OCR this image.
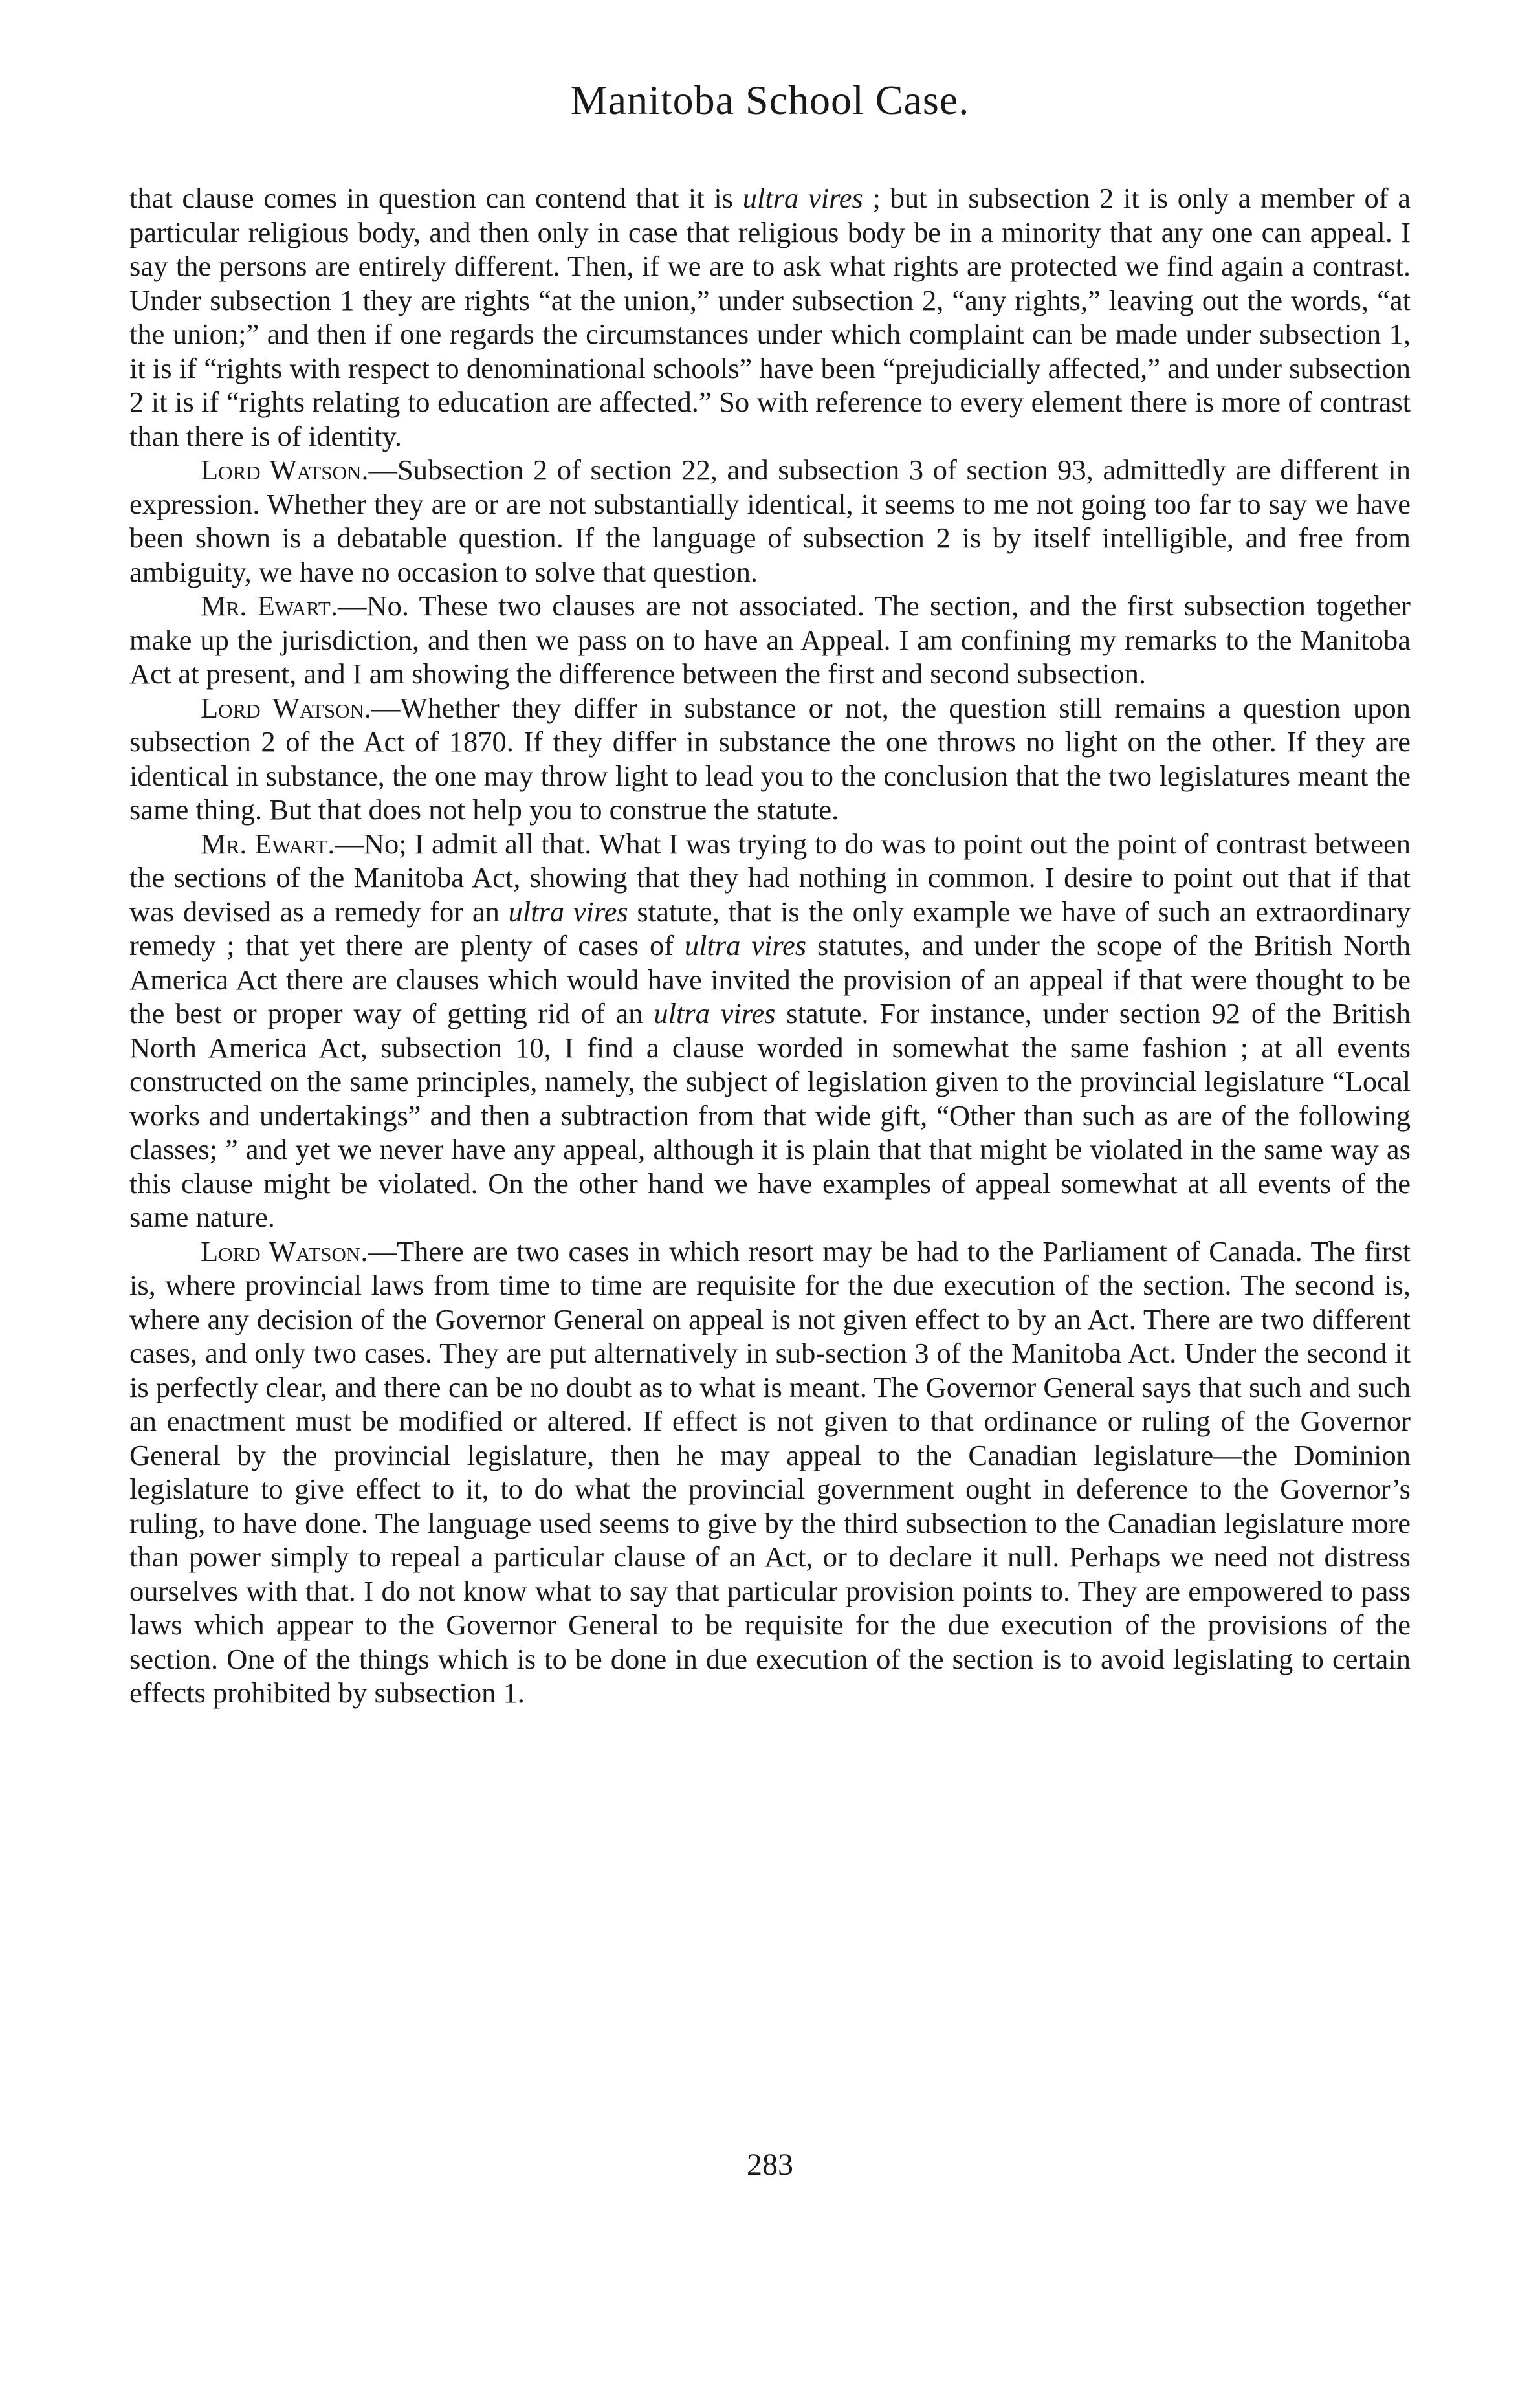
Manitoba School Case.

that clause comes in question can contend that it is ultra vires ; but in subsection 2 it is only a member of a particular religious body, and then only in case that religious body be in a minority that any one can appeal. I say the persons are entirely different. Then, if we are to ask what rights are protected we find again a contrast. Under subsection 1 they are rights “at the union,” under subsection 2, “any rights,” leaving out the words, “at the union;” and then if one regards the circumstances under which complaint can be made under subsection 1, it is if “rights with respect to denominational schools” have been “prejudicially affected,” and under subsection 2 it is if “rights relating to education are affected.” So with reference to every element there is more of contrast than there is of identity.

Lord Watson.—Subsection 2 of section 22, and subsection 3 of section 93, admittedly are different in expression. Whether they are or are not substantially identical, it seems to me not going too far to say we have been shown is a debatable question. If the language of subsection 2 is by itself intelligible, and free from ambiguity, we have no occasion to solve that question.

Mr. Ewart.—No. These two clauses are not associated. The section, and the first subsection together make up the jurisdiction, and then we pass on to have an Appeal. I am confining my remarks to the Manitoba Act at present, and I am showing the difference between the first and second subsection.

Lord Watson.—Whether they differ in substance or not, the question still remains a question upon subsection 2 of the Act of 1870. If they differ in substance the one throws no light on the other. If they are identical in substance, the one may throw light to lead you to the conclusion that the two legislatures meant the same thing. But that does not help you to construe the statute.

Mr. Ewart.—No; I admit all that. What I was trying to do was to point out the point of contrast between the sections of the Manitoba Act, showing that they had nothing in common. I desire to point out that if that was devised as a remedy for an ultra vires statute, that is the only example we have of such an extraordinary remedy ; that yet there are plenty of cases of ultra vires statutes, and under the scope of the British North America Act there are clauses which would have invited the provision of an appeal if that were thought to be the best or proper way of getting rid of an ultra vires statute. For instance, under section 92 of the British North America Act, subsection 10, I find a clause worded in somewhat the same fashion ; at all events constructed on the same principles, namely, the subject of legislation given to the provincial legislature “Local works and undertakings” and then a subtraction from that wide gift, “Other than such as are of the following classes; ” and yet we never have any appeal, although it is plain that that might be violated in the same way as this clause might be violated. On the other hand we have examples of appeal somewhat at all events of the same nature.

Lord Watson.—There are two cases in which resort may be had to the Parliament of Canada. The first is, where provincial laws from time to time are requisite for the due execution of the section. The second is, where any decision of the Governor General on appeal is not given effect to by an Act. There are two different cases, and only two cases. They are put alternatively in sub-section 3 of the Manitoba Act. Under the second it is perfectly clear, and there can be no doubt as to what is meant. The Governor General says that such and such an enactment must be modified or altered. If effect is not given to that ordinance or ruling of the Governor General by the provincial legislature, then he may appeal to the Canadian legislature—the Dominion legislature to give effect to it, to do what the provincial government ought in deference to the Governor’s ruling, to have done. The language used seems to give by the third subsection to the Canadian legislature more than power simply to repeal a particular clause of an Act, or to declare it null. Perhaps we need not distress ourselves with that. I do not know what to say that particular provision points to. They are empowered to pass laws which appear to the Governor General to be requisite for the due execution of the provisions of the section. One of the things which is to be done in due execution of the section is to avoid legislating to certain effects prohibited by subsection 1.

283
